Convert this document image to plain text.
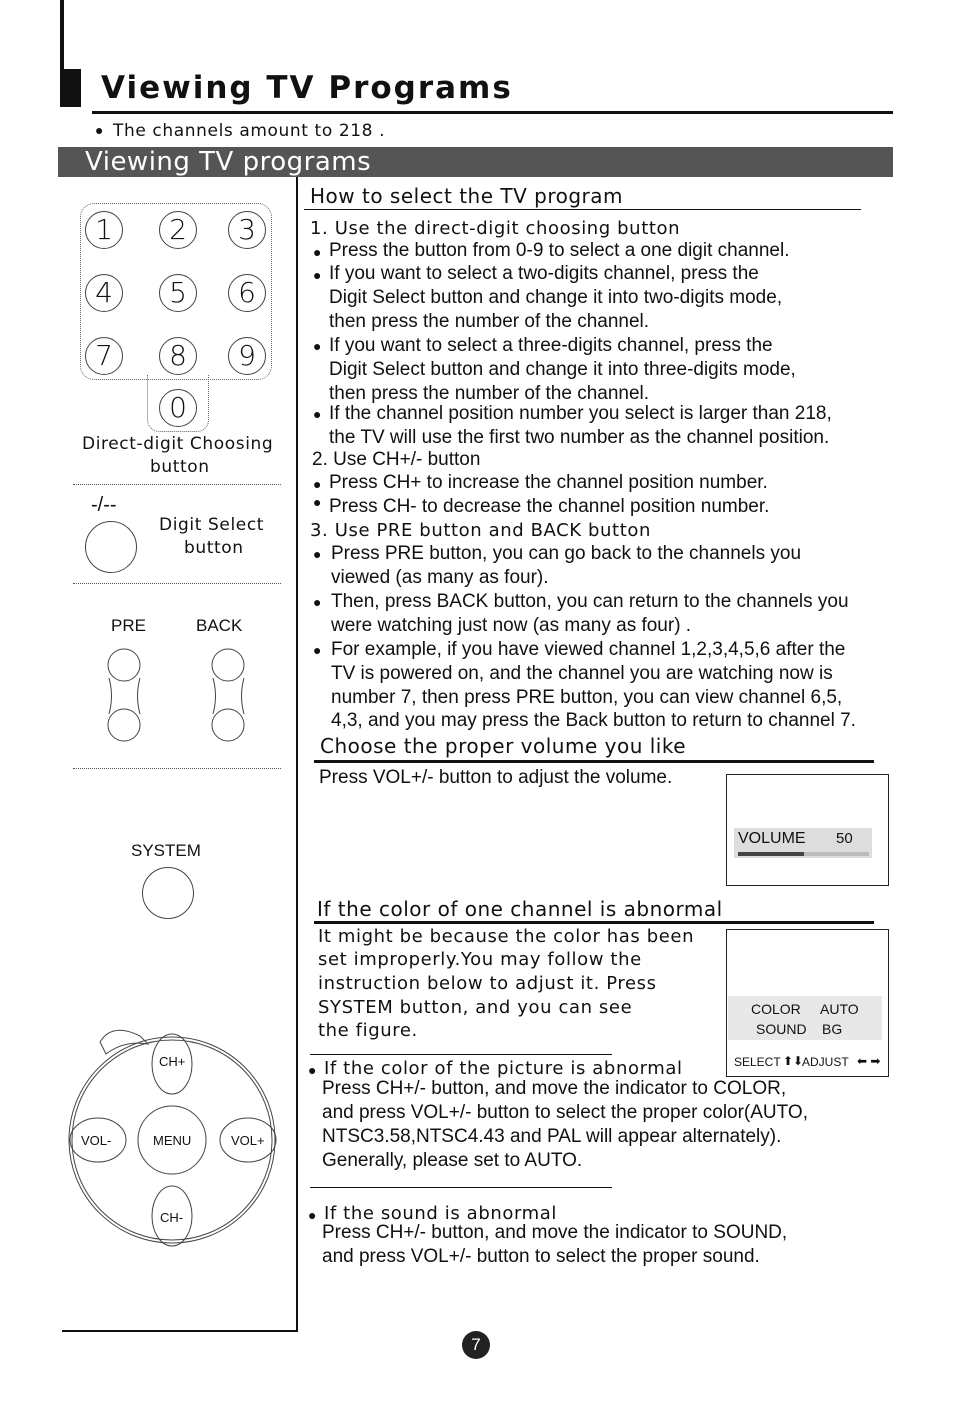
Viewing TV Programs
● The channels amount to 218 .
Viewing TV programs
1	2	3
4	5	6
7	8	9
0
Direct-digit Choosing
button
-/--
Digit Select
button
PRE	BACK
SYSTEM
CH+
CH-
VOL-	VOL+
MENU
How to select the TV program
1. Use the direct-digit choosing button
● Press the button from 0-9 to select a one digit channel.
● If you want to select a two-digits channel, press the
Digit Select button and change it into two-digits mode,
then press the number of the channel.
● If you want to select a three-digits channel, press the
Digit Select button and change it into three-digits mode,
then press the number of the channel.
● If the channel position number you select is larger than 218,
the TV will use the first two number as the channel position.
2. Use CH+/- button
● Press CH+ to increase the channel position number.
● Press CH- to decrease the channel position number.
3. Use PRE button and BACK button
● Press PRE button, you can go back to the channels you
viewed (as many as four).
● Then, press BACK button, you can return to the channels you
were watching just now (as many as four) .
● For example, if you have viewed channel 1,2,3,4,5,6 after the
TV is powered on, and the channel you are watching now is
number 7, then press PRE button, you can view channel 6,5,
4,3, and you may press the Back button to return to channel 7.
Choose the proper volume you like
Press VOL+/- button to adjust the volume.
VOLUME 50
If the color of one channel is abnormal
It might be because the color has been
set improperly.You may follow the
instruction below to adjust it. Press
SYSTEM button, and you can see
the figure.
COLOR AUTO
SOUND BG
SELECT ⬆⬇
ADJUST ⬅ ➡
● If the color of the picture is abnormal
Press CH+/- button, and move the indicator to COLOR,
and press VOL+/- button to select the proper color(AUTO,
NTSC3.58,NTSC4.43 and PAL will appear alternately).
Generally, please set to AUTO.
● If the sound is abnormal
Press CH+/- button, and move the indicator to SOUND,
and press VOL+/- button to select the proper sound.
7
